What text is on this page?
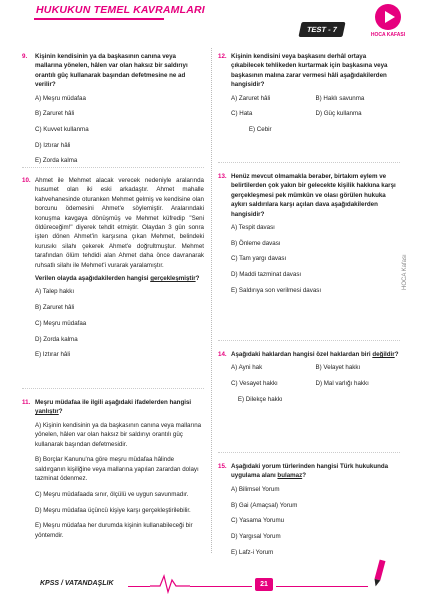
HUKUKUN TEMEL KAVRAMLARI
TEST - 7
HOCA KAFASI
HOCA Kafası
9. Kişinin kendisinin ya da başkasının canına veya mallarına yönelen, hâlen var olan haksız bir saldırıyı orantılı güç kullanarak başından defetmesine ne ad verilir?
A) Meşru müdafaa
B) Zaruret hâli
C) Kuvvet kullanma
D) Iztırar hâli
E) Zorda kalma
10. Ahmet ile Mehmet alacak verecek nedeniyle aralarında husumet olan iki eski arkadaştır. Ahmet mahalle kahvehanesinde oturanken Mehmet gelmiş ve kendisine olan borcunu ödemesini Ahmet'e söylemiştir. Aralarındaki konuşma kavgaya dönüşmüş ve Mehmet küfredip "Seni öldüreceğim!" diyerek tehdit etmiştir. Olaydan 3 gün sonra işten dönen Ahmet'in karşısına çıkan Mehmet, belindeki kurusıkı silahı çekerek Ahmet'e doğrultmuştur. Mehmet tarafından ölüm tehdidi alan Ahmet daha önce davranarak ruhsatlı silahı ile Mehmet'i vurarak yaralamıştır.
Verilen olayda aşağıdakilerden hangisi gerçekleşmiştir?
A) Talep hakkı
B) Zaruret hâli
C) Meşru müdafaa
D) Zorda kalma
E) Iztırar hâli
11. Meşru müdafaa ile ilgili aşağıdaki ifadelerden hangisi yanlıştır?
A) Kişinin kendisinin ya da başkasının canına veya mallarına yönelen, hâlen var olan haksız bir saldırıyı orantılı güç kullanarak başından defetmesidir.
B) Borçlar Kanunu'na göre meşru müdafaa hâlinde saldırganın kişiliğine veya mallarına yapılan zarardan dolayı tazminat ödenmez.
C) Meşru müdafaada sınır, ölçülü ve uygun savunmadır.
D) Meşru müdafaa üçüncü kişiye karşı gerçekleştirilebilir.
E) Meşru müdafaa her durumda kişinin kullanabileceği bir yöntemdir.
12. Kişinin kendisini veya başkasını derhâl ortaya çıkabilecek tehlikeden kurtarmak için başkasına veya başkasının malına zarar vermesi hâli aşağıdakilerden hangisidir?
A) Zaruret hâli	B) Haklı savunma
C) Hata	D) Güç kullanma
E) Cebir
13. Henüz mevcut olmamakla beraber, birtakım eylem ve belirtilerden çok yakın bir gelecekte kişilik hakkına karşı gerçekleşmesi pek mümkün ve olası görülen hukuka aykırı saldırılara karşı açılan dava aşağıdakilerden hangisidir?
A) Tespit davası
B) Önleme davası
C) Tam yargı davası
D) Maddi tazminat davası
E) Saldırıya son verilmesi davası
14. Aşağıdaki haklardan hangisi özel haklardan biri değildir?
A) Ayni hak	B) Velayet hakkı
C) Vesayet hakkı	D) Mal varlığı hakkı
E) Dilekçe hakkı
15. Aşağıdaki yorum türlerinden hangisi Türk hukukunda uygulama alanı bulamaz?
A) Bilimsel Yorum
B) Gai (Amaçsal) Yorum
C) Yasama Yorumu
D) Yargısal Yorum
E) Lafz-i Yorum
KPSS / VATANDAŞLIK	21
